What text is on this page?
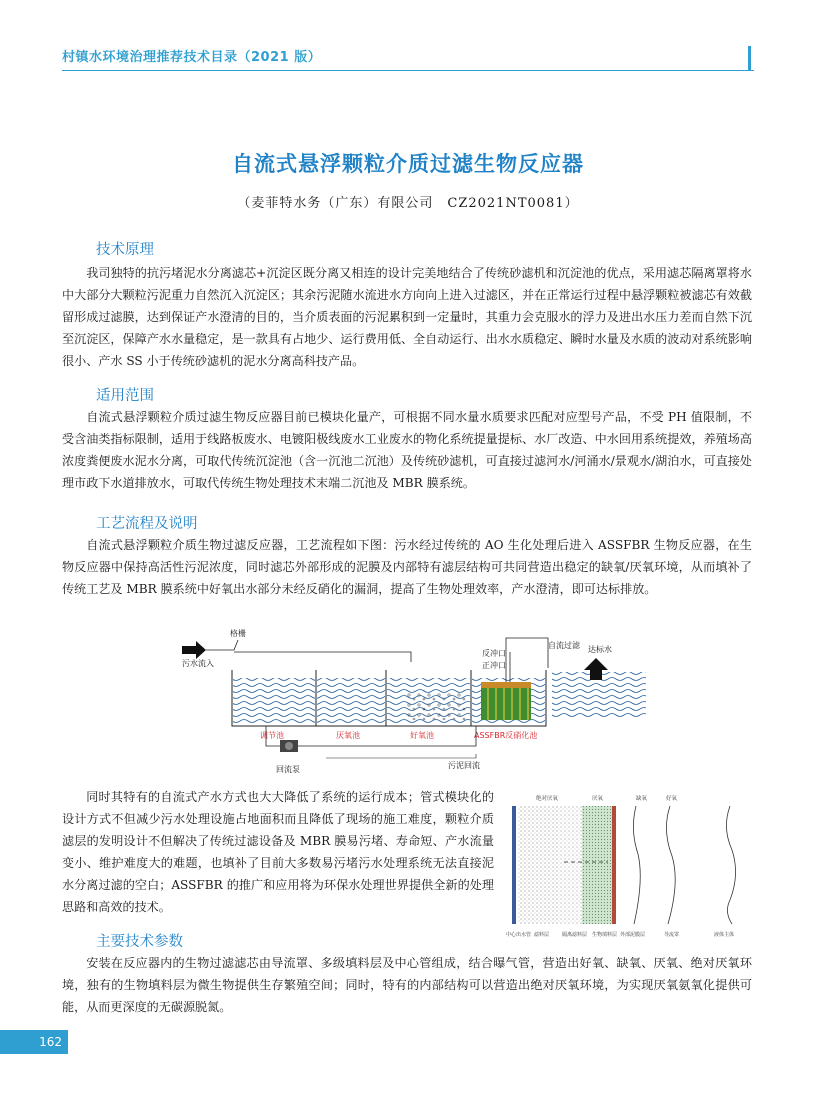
村镇水环境治理推荐技术目录（2021 版）
自流式悬浮颗粒介质过滤生物反应器
（麦菲特水务（广东）有限公司　CZ2021NT0081）
技术原理

我司独特的抗污堵泥水分离滤芯+沉淀区既分离又相连的设计完美地结合了传统砂滤机和沉淀池的优点，采用滤芯隔离罩将水中大部分大颗粒污泥重力自然沉入沉淀区；其余污泥随水流进水方向向上进入过滤区，并在正常运行过程中悬浮颗粒被滤芯有效截留形成过滤膜，达到保证产水澄清的目的，当介质表面的污泥累积到一定量时，其重力会克服水的浮力及进出水压力差而自然下沉至沉淀区，保障产水水量稳定，是一款具有占地少、运行费用低、全自动运行、出水水质稳定、瞬时水量及水质的波动对系统影响很小、产水 SS 小于传统砂滤机的泥水分离高科技产品。

适用范围

自流式悬浮颗粒介质过滤生物反应器目前已模块化量产，可根据不同水量水质要求匹配对应型号产品，不受 PH 值限制，不受含油类指标限制，适用于线路板废水、电镀阳极线废水工业废水的物化系统提量提标、水厂改造、中水回用系统提效，养殖场高浓度粪便废水泥水分离，可取代传统沉淀池（含一沉池二沉池）及传统砂滤机，可直接过滤河水/河涌水/景观水/湖泊水，可直接处理市政下水道排放水，可取代传统生物处理技术末端二沉池及 MBR 膜系统。

工艺流程及说明

自流式悬浮颗粒介质生物过滤反应器，工艺流程如下图：污水经过传统的 AO 生化处理后进入 ASSFBR 生物反应器，在生物反应器中保持高活性污泥浓度，同时滤芯外部形成的泥膜及内部特有滤层结构可共同营造出稳定的缺氧/厌氧环境，从而填补了传统工艺及 MBR 膜系统中好氧出水部分未经反硝化的漏洞，提高了生物处理效率，产水澄清，即可达标排放。

污水流入
格栅
反冲口
正冲口
自流过滤 达标水
调节池	厌氧池	好氧池	ASSFBR反硝化池
回流泵	污泥回流

同时其特有的自流式产水方式也大大降低了系统的运行成本；管式模块化的设计方式不但减少污水处理设施占地面积而且降低了现场的施工难度，颗粒介质滤层的发明设计不但解决了传统过滤设备及 MBR 膜易污堵、寿命短、产水流量变小、维护难度大的难题，也填补了目前大多数易污堵污水处理系统无法直接泥水分离过滤的空白；ASSFBR 的推广和应用将为环保水处理世界提供全新的处理思路和高效的技术。

绝对厌氧	厌氧	缺氧	好氧
中心出水管 滤料层	隔离滤料层 生物填料层 外部泥膜层	导流罩	液体主体
主要技术参数

安装在反应器内的生物过滤滤芯由导流罩、多级填料层及中心管组成，结合曝气管，营造出好氧、缺氧、厌氧、绝对厌氧环境，独有的生物填料层为微生物提供生存繁殖空间；同时，特有的内部结构可以营造出绝对厌氧环境，为实现厌氧氨氧化提供可能，从而更深度的无碳源脱氮。

162
